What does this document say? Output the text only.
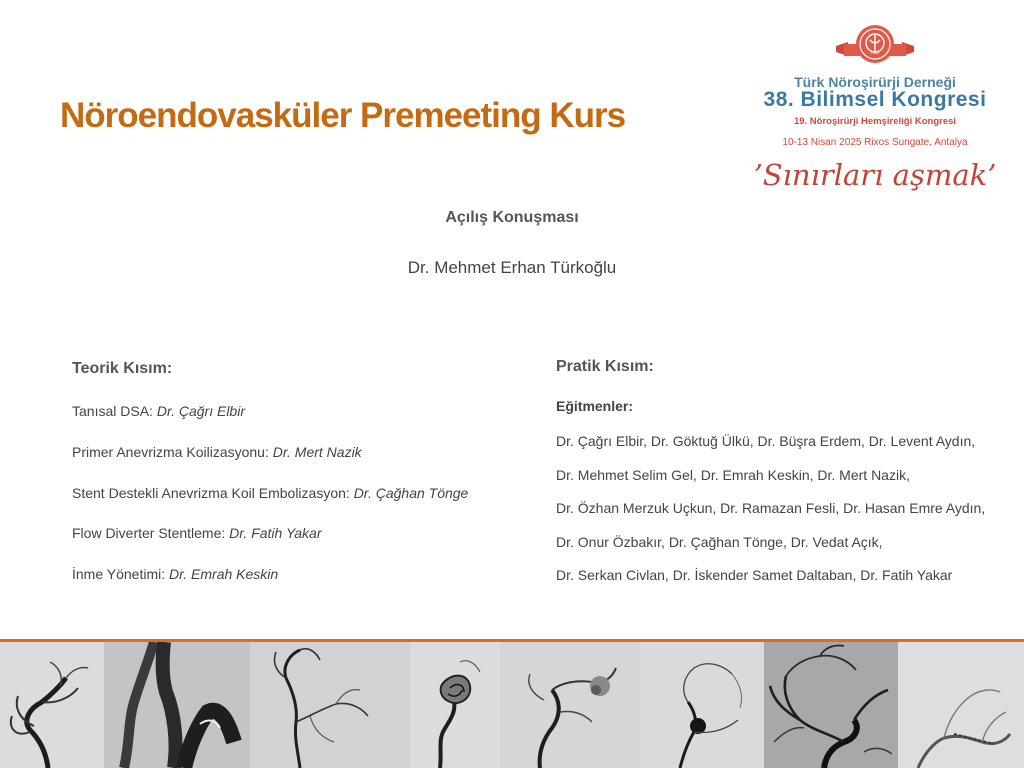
Nöroendovasküler Premeeting Kurs
1964
Türk Nöroşirürji Derneği
38. Bilimsel Kongresi
19. Nöroşirürji Hemşireliği Kongresi
10-13 Nisan 2025 Rixos Sungate, Antalya
’Sınırları aşmak’
Açılış Konuşması
Dr. Mehmet Erhan Türkoğlu
Teorik Kısım:
Tanısal DSA: Dr. Çağrı Elbir
Primer Anevrizma Koilizasyonu: Dr. Mert Nazik
Stent Destekli Anevrizma Koil Embolizasyon: Dr. Çağhan Tönge
Flow Diverter Stentleme: Dr. Fatih Yakar
İnme Yönetimi: Dr. Emrah Keskin
Pratik Kısım:
Eğitmenler:
Dr. Çağrı Elbir, Dr. Göktuğ Ülkü, Dr. Büşra Erdem, Dr. Levent Aydın,
Dr. Mehmet Selim Gel, Dr. Emrah Keskin, Dr. Mert Nazik,
Dr. Özhan Merzuk Uçkun, Dr. Ramazan Fesli, Dr. Hasan Emre Aydın,
Dr. Onur Özbakır, Dr. Çağhan Tönge, Dr. Vedat Açık,
Dr. Serkan Civlan, Dr. İskender Samet Daltaban, Dr. Fatih Yakar
